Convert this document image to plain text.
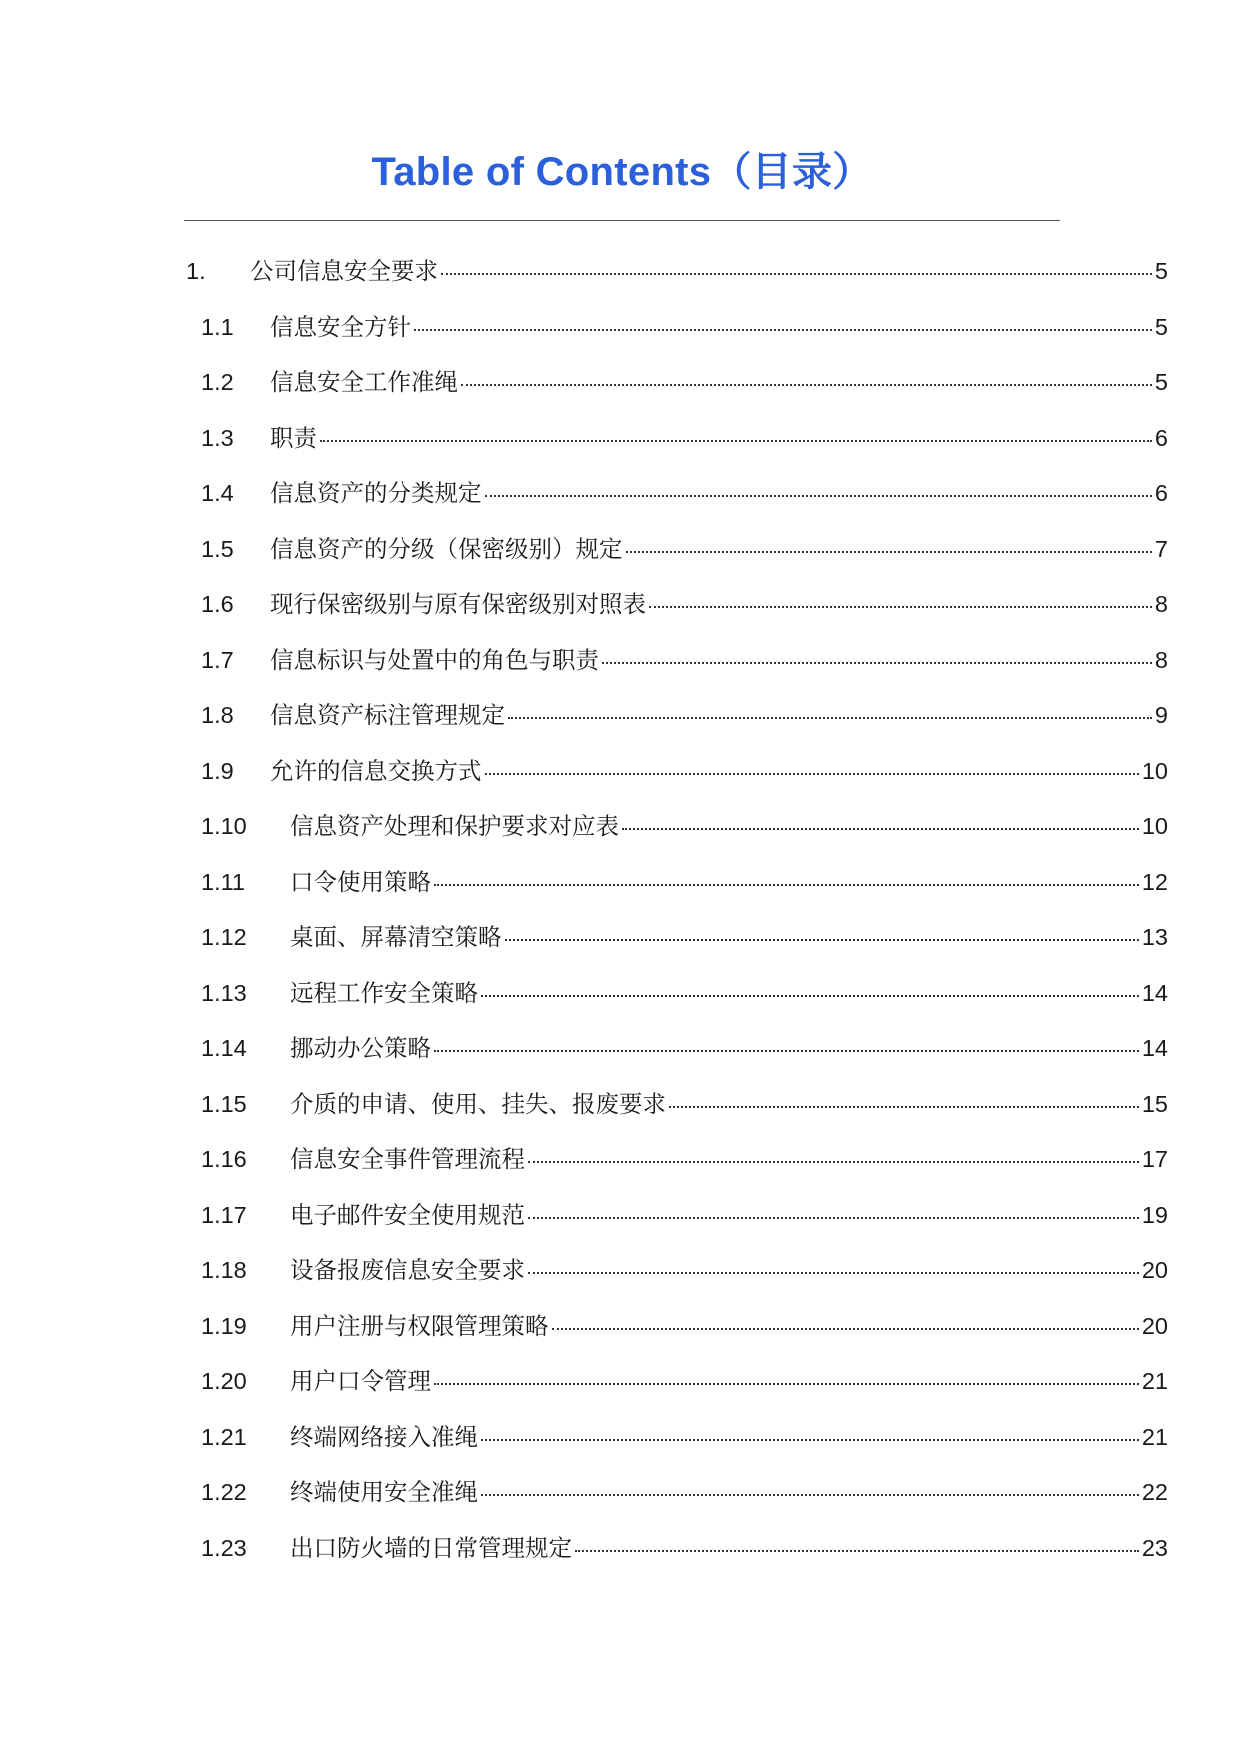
Table of Contents（目录）
1.	公司信息安全要求	5
1.1	信息安全方针	5
1.2	信息安全工作准绳	5
1.3	职责	6
1.4	信息资产的分类规定	6
1.5	信息资产的分级（保密级别）规定	7
1.6	现行保密级别与原有保密级别对照表	8
1.7	信息标识与处置中的角色与职责	8
1.8	信息资产标注管理规定	9
1.9	允许的信息交换方式	10
1.10	信息资产处理和保护要求对应表	10
1.11	口令使用策略	12
1.12	桌面、屏幕清空策略	13
1.13	远程工作安全策略	14
1.14	挪动办公策略	14
1.15	介质的申请、使用、挂失、报废要求	15
1.16	信息安全事件管理流程	17
1.17	电子邮件安全使用规范	19
1.18	设备报废信息安全要求	20
1.19	用户注册与权限管理策略	20
1.20	用户口令管理	21
1.21	终端网络接入准绳	21
1.22	终端使用安全准绳	22
1.23	出口防火墙的日常管理规定	23
